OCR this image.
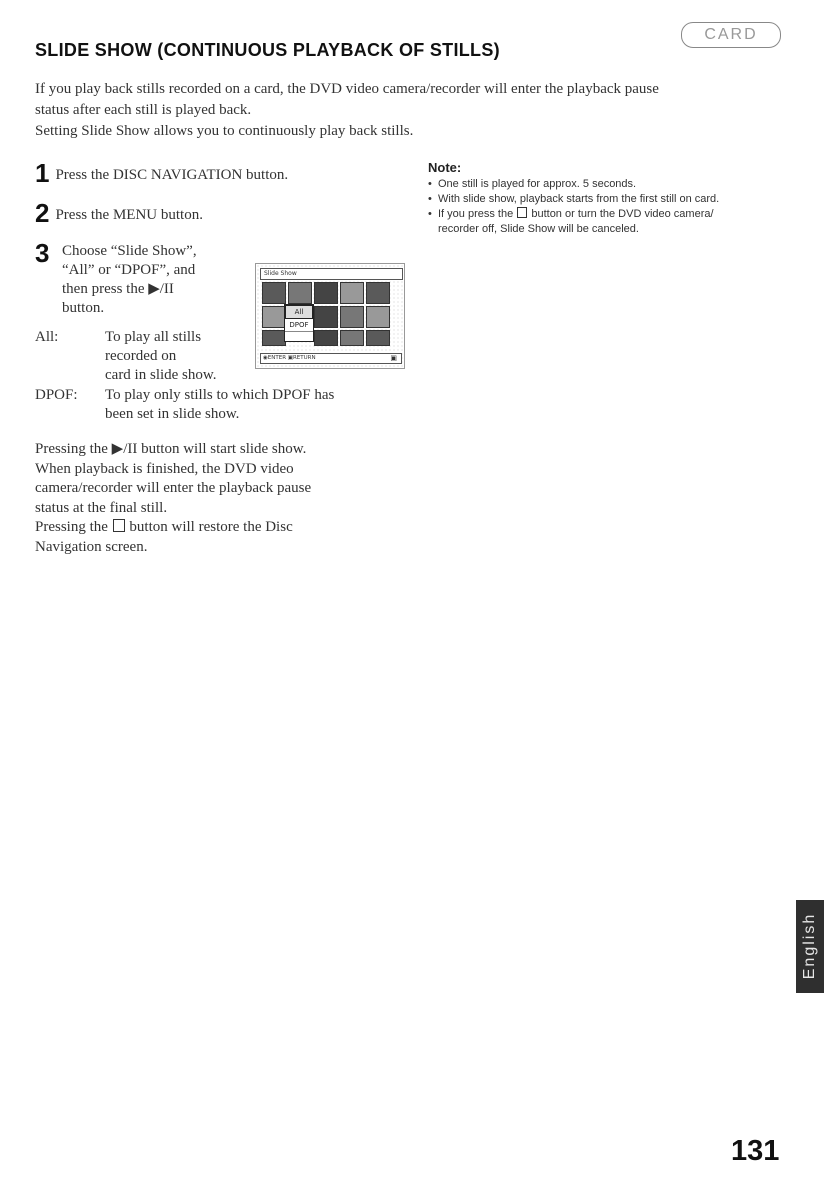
CARD
SLIDE SHOW (CONTINUOUS PLAYBACK OF STILLS)

If you play back stills recorded on a card, the DVD video camera/recorder will enter the playback pause

status after each still is played back.

Setting Slide Show allows you to continuously play back stills.

1 Press the DISC NAVIGATION button.
2 Press the MENU button.
3 Choose “Slide Show”,
“All” or “DPOF”, and
then press the ▶/II
button.
All:	To play all stills
recorded on
card in slide show.
DPOF: To play only stills to which DPOF has
been set in slide show.

Pressing the ▶/II button will start slide show.

When playback is finished, the DVD video

camera/recorder will enter the playback pause

status at the final still.

Pressing the button will restore the Disc

Navigation screen.

Slide Show
All
DPOF
◉ENTER ▣RETURN	▣
Note:
• One still is played for approx. 5 seconds.
• With slide show, playback starts from the first still on card.
• If you press the button or turn the DVD video camera/
recorder off, Slide Show will be canceled.
English
131
